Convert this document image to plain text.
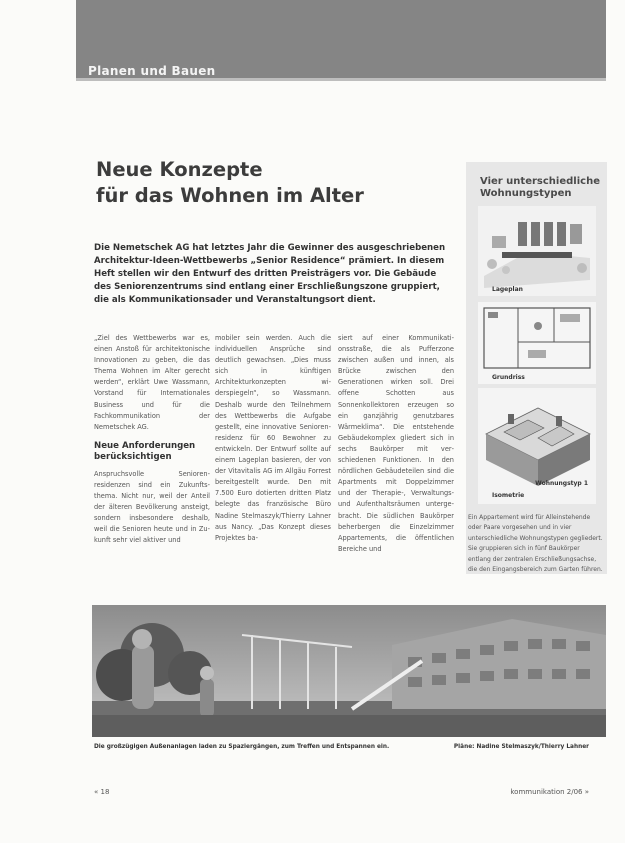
Planen und Bauen
Neue Konzepte
für das Wohnen im Alter

Die Nemetschek AG hat letztes Jahr die Gewinner des ausgeschriebenen Architektur-Ideen-Wettbewerbs „Senior Residence“ prämiert. In diesem Heft stellen wir den Entwurf des dritten Preisträgers vor. Die Gebäude des Seniorenzentrums sind entlang einer Erschließungszone gruppiert, die als Kommunikationsader und Veranstaltungsort dient.

„Ziel des Wettbewerbs war es, einen Anstoß für architektonische Innovationen zu geben, die das Thema Wohnen im Alter gerecht werden“, erklärt Uwe Wassmann, Vorstand für Internationales Business und für die Fachkommunikation der Nemetschek AG.

Neue Anforderungen berücksichtigen

Anspruchsvolle Seniorenresidenzen sind ein Zukunftsthema. Nicht nur, weil der Anteil der älteren Bevölkerung ansteigt, sondern insbesondere deshalb, weil die Senioren heute und in Zukunft sehr viel aktiver und

mobiler sein werden. Auch die individuellen Ansprüche sind deutlich gewachsen. „Dies muss sich in künftigen Architekturkonzepten widerspiegeln“, so Wassmann. Deshalb wurde den Teilnehmern des Wettbewerbs die Aufgabe gestellt, eine innovative Seniorenresidenz für 60 Bewohner zu entwickeln. Der Entwurf sollte auf einem Lageplan basieren, der von der Vitavitalis AG im Allgäu Forrest bereitgestellt wurde. Den mit 7.500 Euro dotierten dritten Platz belegte das französische Büro Nadine Stelmaszyk/Thierry Lahner aus Nancy. „Das Konzept dieses Projektes ba-

siert auf einer Kommunikationsstraße, die als Pufferzone zwischen außen und innen, als Brücke zwischen den Generationen wirken soll. Drei offene Schotten aus Sonnenkollektoren erzeugen so ein ganzjährig genutzbares Wärmeklima“. Die entstehende Gebäudekomplex gliedert sich in sechs Baukörper mit verschiedenen Funktionen. In den nördlichen Gebäudeteilen sind die Apartments mit Doppelzimmer und der Therapie-, Verwaltungs- und Aufenthaltsräumen untergebracht. Die südlichen Baukörper beherbergen die Einzelzimmer Appartements, die öffentlichen Bereiche und

Vier unterschiedliche Wohnungstypen
Lageplan
Grundriss
Wohnungstyp 1
Isometrie
Ein Appartement wird für Alleinstehende oder Paare vorgesehen und in vier unterschiedliche Wohnungstypen gegliedert. Sie gruppieren sich in fünf Baukörper entlang der zentralen Erschließungsachse, die den Eingangsbereich zum Garten führen.
Die großzügigen Außenanlagen laden zu Spaziergängen, zum Treffen und Entspannen ein.	Pläne: Nadine Stelmaszyk/Thierry Lahner
« 18	kommunikation 2/06 »
